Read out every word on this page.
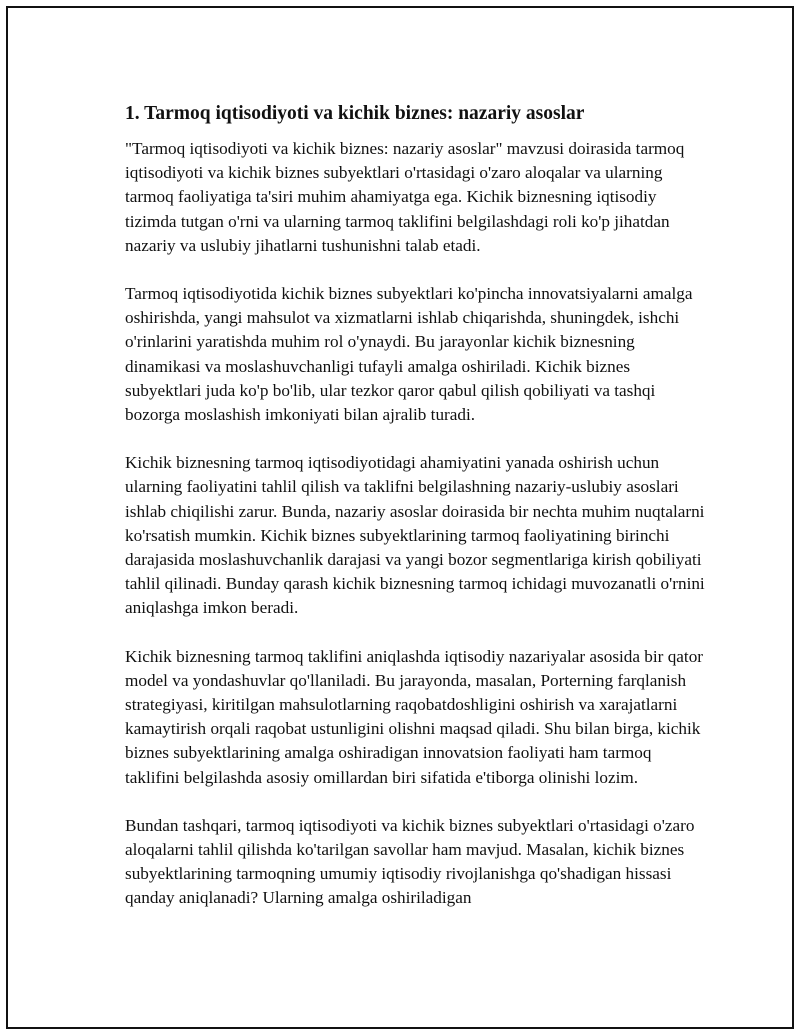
1. Tarmoq iqtisodiyoti va kichik biznes: nazariy asoslar

"Tarmoq iqtisodiyoti va kichik biznes: nazariy asoslar" mavzusi doirasida tarmoq iqtisodiyoti va kichik biznes subyektlari o'rtasidagi o'zaro aloqalar va ularning tarmoq faoliyatiga ta'siri muhim ahamiyatga ega. Kichik biznesning iqtisodiy tizimda tutgan o'rni va ularning tarmoq taklifini belgilashdagi roli ko'p jihatdan nazariy va uslubiy jihatlarni tushunishni talab etadi.

Tarmoq iqtisodiyotida kichik biznes subyektlari ko'pincha innovatsiyalarni amalga oshirishda, yangi mahsulot va xizmatlarni ishlab chiqarishda, shuningdek, ishchi o'rinlarini yaratishda muhim rol o'ynaydi. Bu jarayonlar kichik biznesning dinamikasi va moslashuvchanligi tufayli amalga oshiriladi. Kichik biznes subyektlari juda ko'p bo'lib, ular tezkor qaror qabul qilish qobiliyati va tashqi bozorga moslashish imkoniyati bilan ajralib turadi.

Kichik biznesning tarmoq iqtisodiyotidagi ahamiyatini yanada oshirish uchun ularning faoliyatini tahlil qilish va taklifni belgilashning nazariy-uslubiy asoslari ishlab chiqilishi zarur. Bunda, nazariy asoslar doirasida bir nechta muhim nuqtalarni ko'rsatish mumkin. Kichik biznes subyektlarining tarmoq faoliyatining birinchi darajasida moslashuvchanlik darajasi va yangi bozor segmentlariga kirish qobiliyati tahlil qilinadi. Bunday qarash kichik biznesning tarmoq ichidagi muvozanatli o'rnini aniqlashga imkon beradi.

Kichik biznesning tarmoq taklifini aniqlashda iqtisodiy nazariyalar asosida bir qator model va yondashuvlar qo'llaniladi. Bu jarayonda, masalan, Porterning farqlanish strategiyasi, kiritilgan mahsulotlarning raqobatdoshligini oshirish va xarajatlarni kamaytirish orqali raqobat ustunligini olishni maqsad qiladi. Shu bilan birga, kichik biznes subyektlarining amalga oshiradigan innovatsion faoliyati ham tarmoq taklifini belgilashda asosiy omillardan biri sifatida e'tiborga olinishi lozim.

Bundan tashqari, tarmoq iqtisodiyoti va kichik biznes subyektlari o'rtasidagi o'zaro aloqalarni tahlil qilishda ko'tarilgan savollar ham mavjud. Masalan, kichik biznes subyektlarining tarmoqning umumiy iqtisodiy rivojlanishga qo'shadigan hissasi qanday aniqlanadi? Ularning amalga oshiriladigan
